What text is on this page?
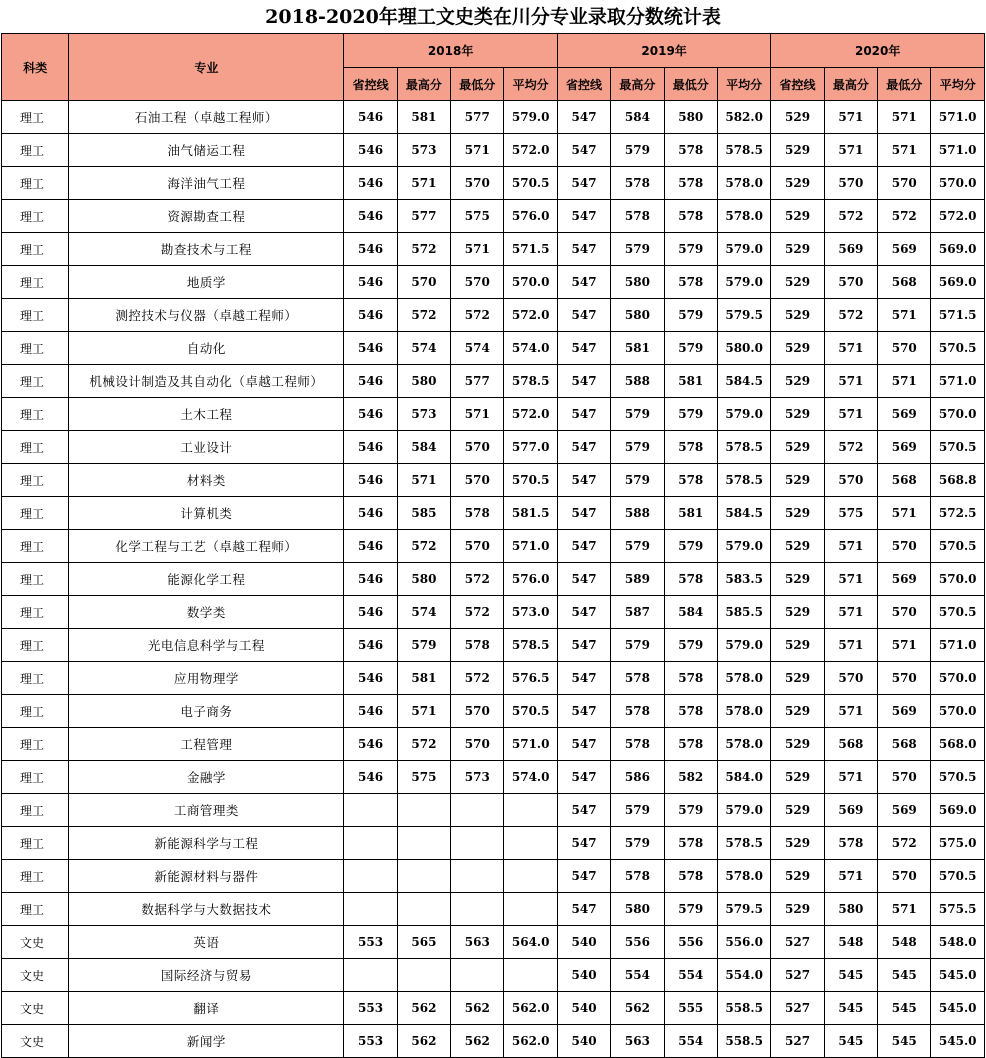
2018-2020年理工文史类在川分专业录取分数统计表
科类	专业	2018年				2019年				2020年			
		省控线	最高分	最低分	平均分	省控线	最高分	最低分	平均分	省控线	最高分	最低分	平均分
理工	石油工程（卓越工程师）	546	581	577	579.0	547	584	580	582.0	529	571	571	571.0
理工	油气储运工程	546	573	571	572.0	547	579	578	578.5	529	571	571	571.0
理工	海洋油气工程	546	571	570	570.5	547	578	578	578.0	529	570	570	570.0
理工	资源勘查工程	546	577	575	576.0	547	578	578	578.0	529	572	572	572.0
理工	勘查技术与工程	546	572	571	571.5	547	579	579	579.0	529	569	569	569.0
理工	地质学	546	570	570	570.0	547	580	578	579.0	529	570	568	569.0
理工	测控技术与仪器（卓越工程师）	546	572	572	572.0	547	580	579	579.5	529	572	571	571.5
理工	自动化	546	574	574	574.0	547	581	579	580.0	529	571	570	570.5
理工	机械设计制造及其自动化（卓越工程师）	546	580	577	578.5	547	588	581	584.5	529	571	571	571.0
理工	土木工程	546	573	571	572.0	547	579	579	579.0	529	571	569	570.0
理工	工业设计	546	584	570	577.0	547	579	578	578.5	529	572	569	570.5
理工	材料类	546	571	570	570.5	547	579	578	578.5	529	570	568	568.8
理工	计算机类	546	585	578	581.5	547	588	581	584.5	529	575	571	572.5
理工	化学工程与工艺（卓越工程师）	546	572	570	571.0	547	579	579	579.0	529	571	570	570.5
理工	能源化学工程	546	580	572	576.0	547	589	578	583.5	529	571	569	570.0
理工	数学类	546	574	572	573.0	547	587	584	585.5	529	571	570	570.5
理工	光电信息科学与工程	546	579	578	578.5	547	579	579	579.0	529	571	571	571.0
理工	应用物理学	546	581	572	576.5	547	578	578	578.0	529	570	570	570.0
理工	电子商务	546	571	570	570.5	547	578	578	578.0	529	571	569	570.0
理工	工程管理	546	572	570	571.0	547	578	578	578.0	529	568	568	568.0
理工	金融学	546	575	573	574.0	547	586	582	584.0	529	571	570	570.5
理工	工商管理类					547	579	579	579.0	529	569	569	569.0
理工	新能源科学与工程					547	579	578	578.5	529	578	572	575.0
理工	新能源材料与器件					547	578	578	578.0	529	571	570	570.5
理工	数据科学与大数据技术					547	580	579	579.5	529	580	571	575.5
文史	英语	553	565	563	564.0	540	556	556	556.0	527	548	548	548.0
文史	国际经济与贸易					540	554	554	554.0	527	545	545	545.0
文史	翻译	553	562	562	562.0	540	562	555	558.5	527	545	545	545.0
文史	新闻学	553	562	562	562.0	540	563	554	558.5	527	545	545	545.0
